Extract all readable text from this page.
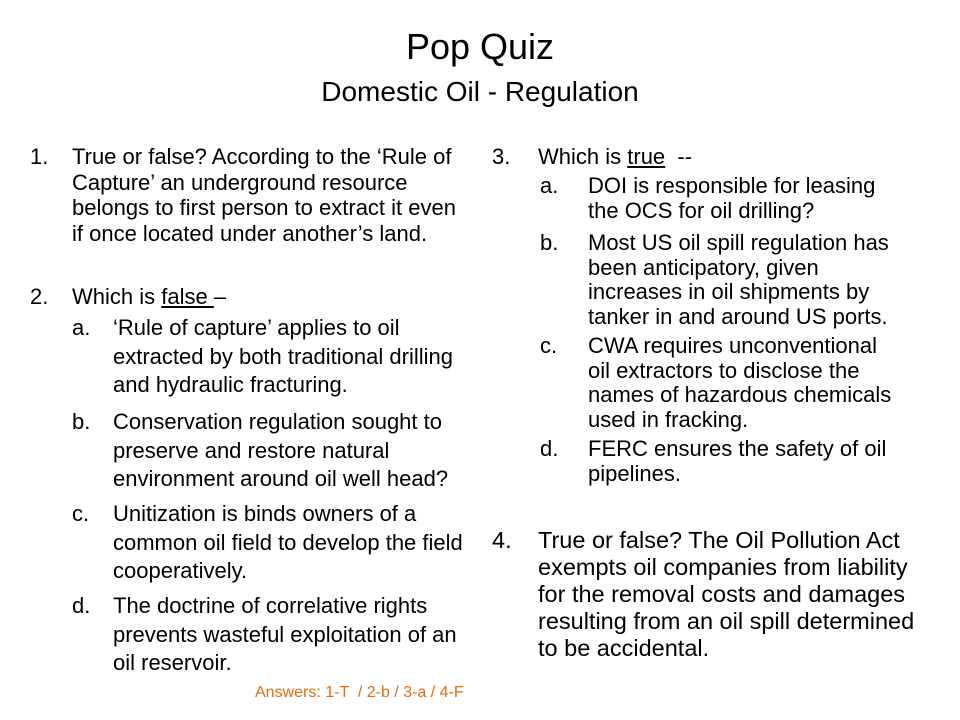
Pop Quiz
Domestic Oil - Regulation
1. True or false? According to the ‘Rule of
Capture’ an underground resource
belongs to first person to extract it even
if once located under another’s land.
2. Which is false –
a. ‘Rule of capture’ applies to oil
extracted by both traditional drilling
and hydraulic fracturing.
b. Conservation regulation sought to
preserve and restore natural
environment around oil well head?
c. Unitization is binds owners of a
common oil field to develop the field
cooperatively.
d. The doctrine of correlative rights
prevents wasteful exploitation of an
oil reservoir.
Answers: 1-T  / 2-b / 3-a / 4-F
3. Which is true  --
a. DOI is responsible for leasing
the OCS for oil drilling?
b. Most US oil spill regulation has
been anticipatory, given
increases in oil shipments by
tanker in and around US ports.
c. CWA requires unconventional
oil extractors to disclose the
names of hazardous chemicals
used in fracking.
d. FERC ensures the safety of oil
pipelines.
4. True or false? The Oil Pollution Act
exempts oil companies from liability
for the removal costs and damages
resulting from an oil spill determined
to be accidental.
